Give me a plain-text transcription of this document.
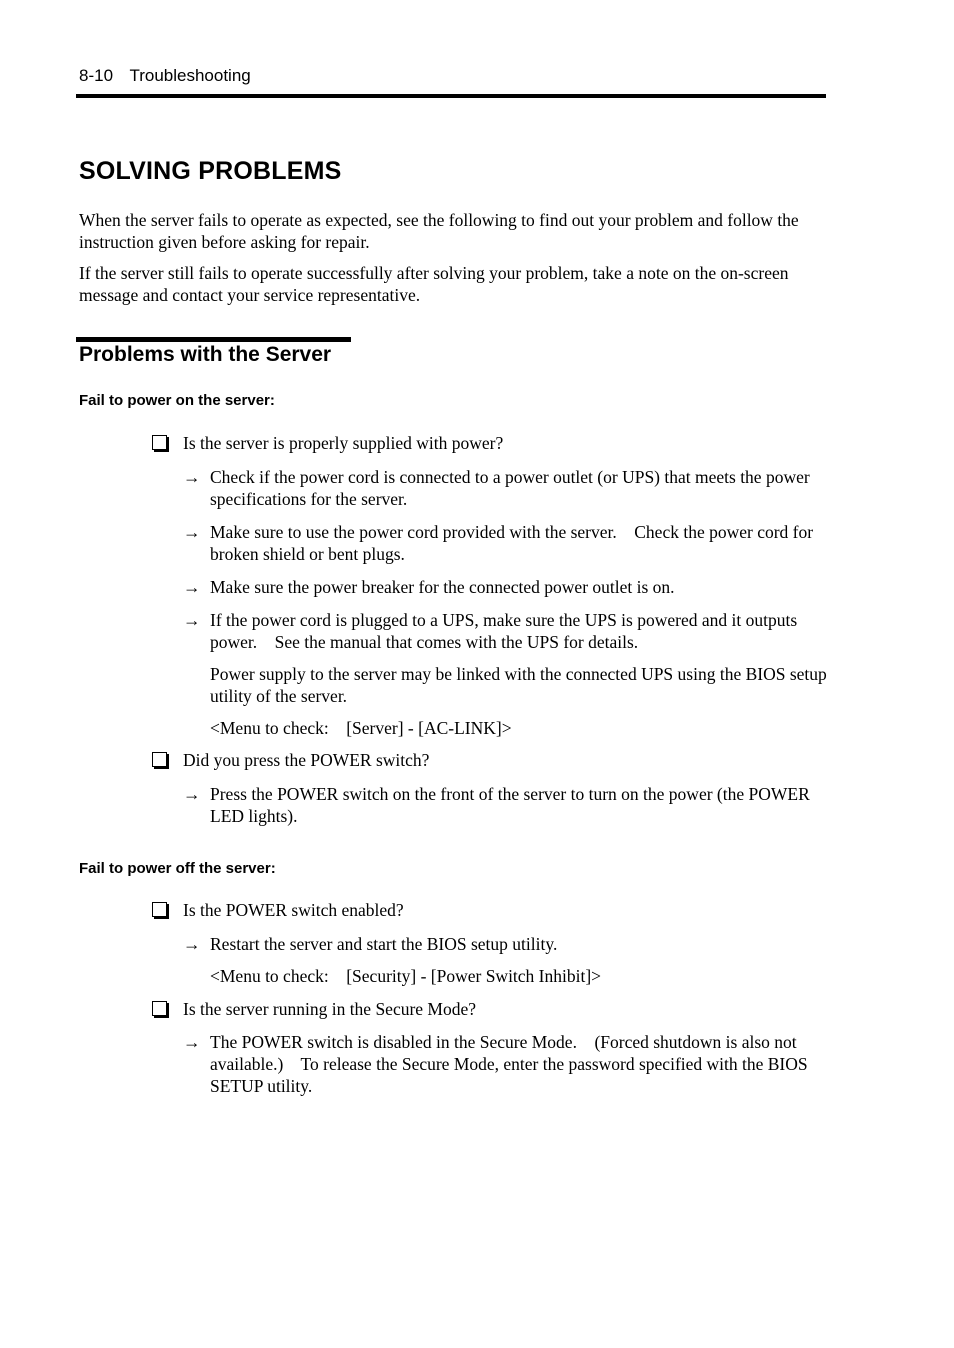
8-10 Troubleshooting
SOLVING PROBLEMS

When the server fails to operate as expected, see the following to find out your problem and follow the instruction given before asking for repair.

If the server still fails to operate successfully after solving your problem, take a note on the on-screen message and contact your service representative.

Problems with the Server
Fail to power on the server:
Is the server is properly supplied with power?
→ Check if the power cord is connected to a power outlet (or UPS) that meets the power specifications for the server.
→ Make sure to use the power cord provided with the server.    Check the power cord for broken shield or bent plugs.
→ Make sure the power breaker for the connected power outlet is on.
→ If the power cord is plugged to a UPS, make sure the UPS is powered and it outputs power.    See the manual that comes with the UPS for details.
Power supply to the server may be linked with the connected UPS using the BIOS setup utility of the server.
<Menu to check:    [Server] - [AC-LINK]>
Did you press the POWER switch?
→ Press the POWER switch on the front of the server to turn on the power (the POWER LED lights).
Fail to power off the server:
Is the POWER switch enabled?
→ Restart the server and start the BIOS setup utility.
<Menu to check:    [Security] - [Power Switch Inhibit]>
Is the server running in the Secure Mode?
→ The POWER switch is disabled in the Secure Mode.    (Forced shutdown is also not available.)    To release the Secure Mode, enter the password specified with the BIOS SETUP utility.
